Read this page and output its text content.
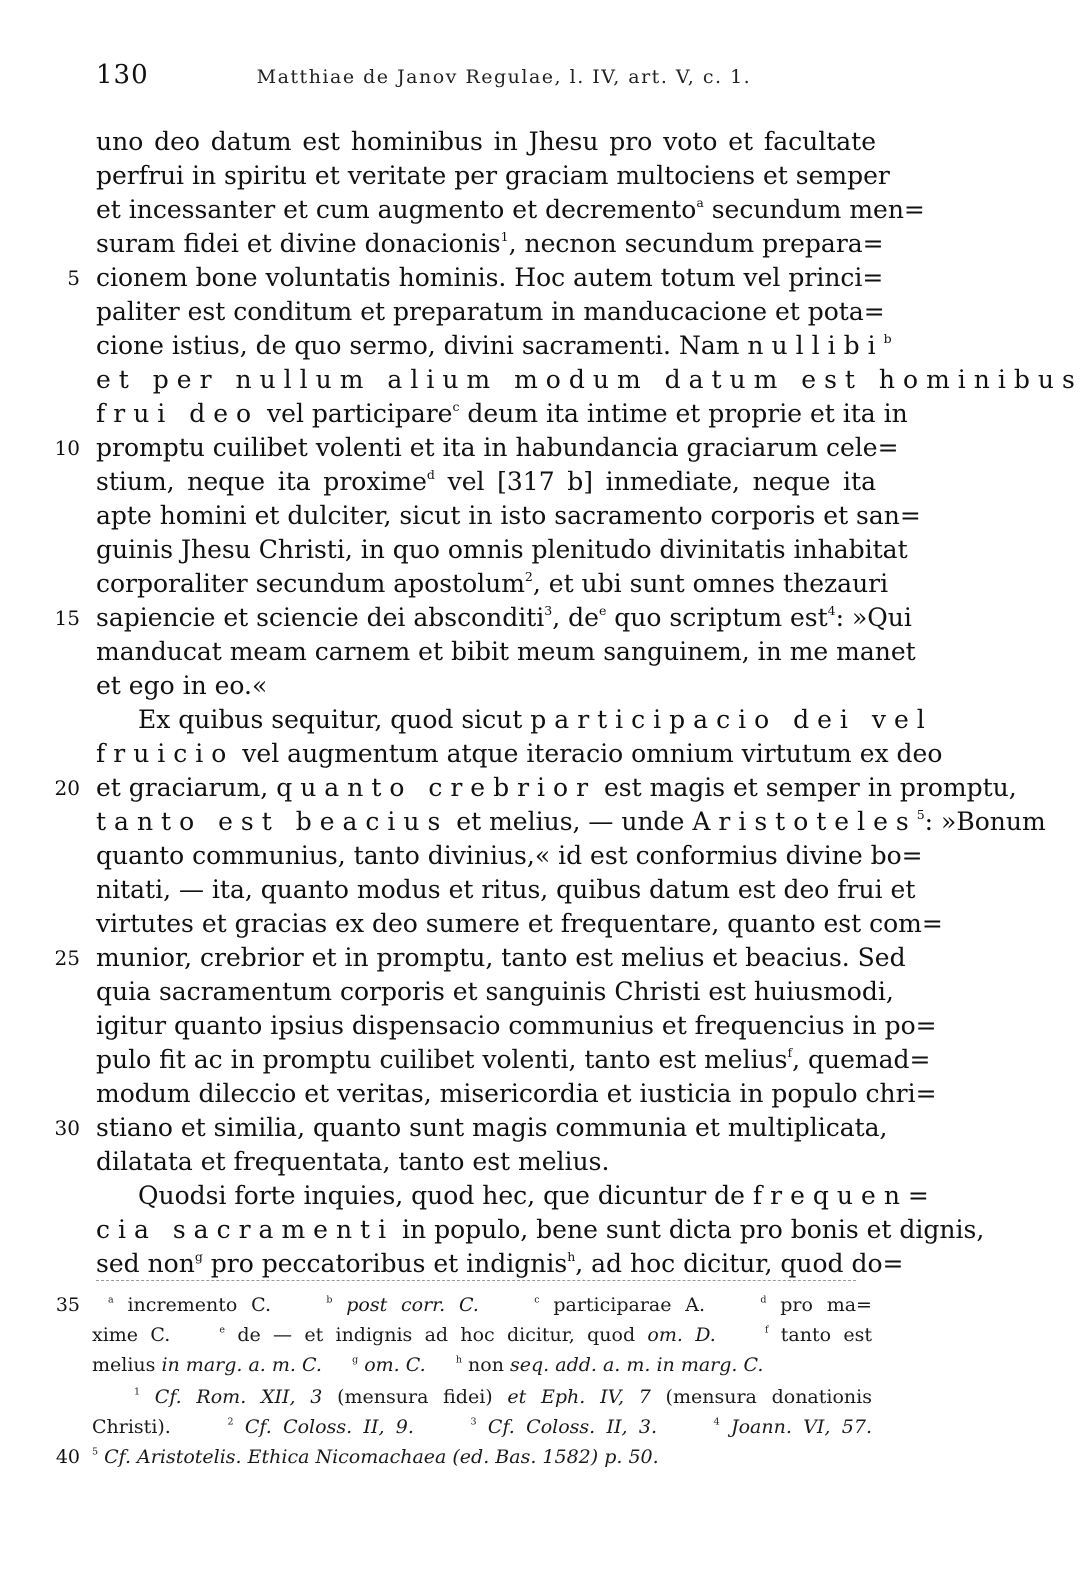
130	Matthiae de Janov Regulae, l. IV, art. V, c. 1.
uno deo datum est hominibus in Jhesu pro voto et facultate
perfrui in spiritu et veritate per graciam multociens et semper
et incessanter et cum augmento et decremento$^a$ secundum men=
suram fidei et divine donacionis$^1$, necnon secundum prepara=
5 cionem bone voluntatis hominis. Hoc autem totum vel princi=
paliter est conditum et preparatum in manducacione et pota=
cione istius, de quo sermo, divini sacramenti. Nam nullibi$^b$
et per nullum alium modum datum est hominibus
frui deo vel participare$^c$ deum ita intime et proprie et ita in
10 promptu cuilibet volenti et ita in habundancia graciarum cele=
stium, neque ita proxime$^d$ vel [317 b] inmediate, neque ita
apte homini et dulciter, sicut in isto sacramento corporis et san=
guinis Jhesu Christi, in quo omnis plenitudo divinitatis inhabitat
corporaliter secundum apostolum$^2$, et ubi sunt omnes thezauri
15 sapiencie et sciencie dei absconditi$^3$, $de^e$ quo scriptum est$^4$: »Qui
manducat meam carnem et bibit meum sanguinem, in me manet
et ego in eo.«
Ex quibus sequitur, quod sicut participacio dei vel
fruicio vel augmentum atque iteracio omnium virtutum ex deo
20 et graciarum, quanto crebrior est magis et semper in promptu,
tanto est beacius et melius, — unde Aristoteles$^5$: »Bonum
quanto communius, tanto divinius,« id est conformius divine bo=
nitati, — ita, quanto modus et ritus, quibus datum est deo frui et
virtutes et gracias ex deo sumere et frequentare, quanto est com=
25 munior, crebrior et in promptu, tanto est melius et beacius. Sed
quia sacramentum corporis et sanguinis Christi est huiusmodi,
igitur quanto ipsius dispensacio communius et frequencius in po=
pulo fit ac in promptu cuilibet volenti, tanto est melius$^f$, quemad=
modum dileccio et veritas, misericordia et iusticia in populo chri=
30 stiano et similia, quanto sunt magis communia et multiplicata,
dilatata et frequentata, tanto est melius.
Quodsi forte inquies, quod hec, que dicuntur de frequen=
cia sacramenti in populo, bene sunt dicta pro bonis et dignis,
sed non$^g$ pro peccatoribus et indignis$^h$, ad hoc dicitur, quod do=
35	$^a$ incremento C.	$^b$ post corr. C.	$^c$ participarae A.	$^d$ pro ma=
xime C.	$^e$ de — et indignis ad hoc dicitur, quod om. D.	$^f$ tanto est
melius in marg. a. m. C.	$^g$ om. C.	$^h$ non seq. add. a. m. in marg. C.
$^1$ Cf. Rom. XII, 3 (mensura fidei) et Eph. IV, 7 (mensura donationis
Christi).	$^2$ Cf. Coloss. II, 9.	$^3$ Cf. Coloss. II, 3.	$^4$ Joann. VI, 57.
40 $^5$ Cf. Aristotelis. Ethica Nicomachaea (ed. Bas. 1582) p. 50.
